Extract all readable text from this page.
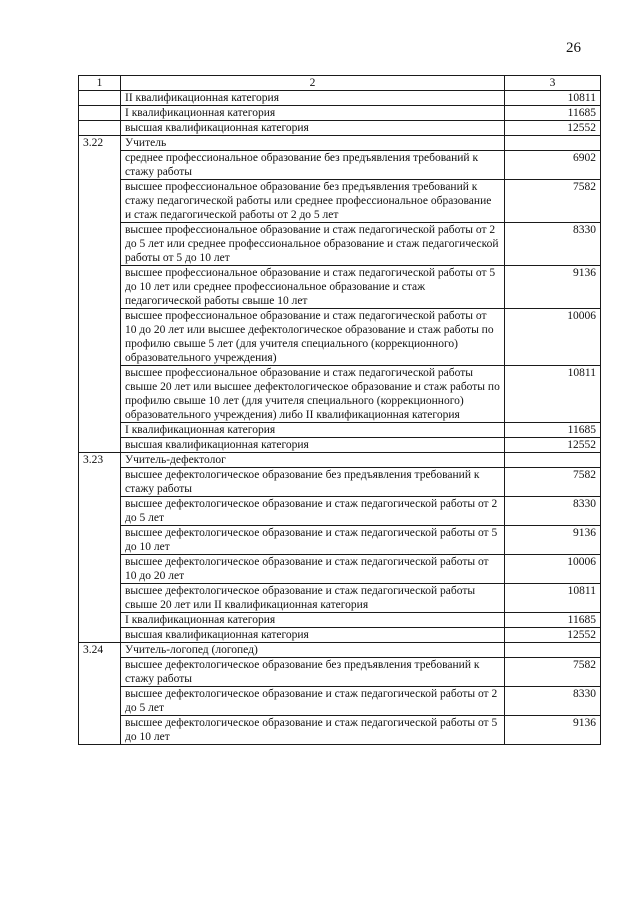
26
1	2	3
	II квалификационная категория	10811
	I квалификационная категория	11685
	высшая квалификационная категория	12552
3.22	Учитель	
	среднее профессиональное образование без предъявления требований к стажу работы	6902
	высшее профессиональное образование без предъявления требований к стажу педагогической работы или среднее профессиональное образование и стаж педагогической работы от 2 до 5 лет	7582
	высшее профессиональное образование и стаж педагогической работы от 2 до 5 лет или среднее профессиональное образование и стаж педагогической работы от 5 до 10 лет	8330
	высшее профессиональное образование и стаж педагогической работы от 5 до 10 лет или среднее профессиональное образование и стаж педагогической работы свыше 10 лет	9136
	высшее профессиональное образование и стаж педагогической работы от 10 до 20 лет или высшее дефектологическое образование и стаж работы по профилю свыше 5 лет (для учителя специального (коррекционного) образовательного учреждения)	10006
	высшее профессиональное образование и стаж педагогической работы свыше 20 лет или высшее дефектологическое образование и стаж работы по профилю свыше 10 лет (для учителя специального (коррекционного) образовательного учреждения) либо II квалификационная категория	10811
	I квалификационная категория	11685
	высшая квалификационная категория	12552
3.23	Учитель-дефектолог	
	высшее дефектологическое образование без предъявления требований к стажу работы	7582
	высшее дефектологическое образование и стаж педагогической работы от 2 до 5 лет	8330
	высшее дефектологическое образование и стаж педагогической работы от 5 до 10 лет	9136
	высшее дефектологическое образование и стаж педагогической работы от 10 до 20 лет	10006
	высшее дефектологическое образование и стаж педагогической работы свыше 20 лет или II квалификационная категория	10811
	I квалификационная категория	11685
	высшая квалификационная категория	12552
3.24	Учитель-логопед (логопед)	
	высшее дефектологическое образование без предъявления требований к стажу работы	7582
	высшее дефектологическое образование и стаж педагогической работы от 2 до 5 лет	8330
	высшее дефектологическое образование и стаж педагогической работы от 5 до 10 лет	9136
